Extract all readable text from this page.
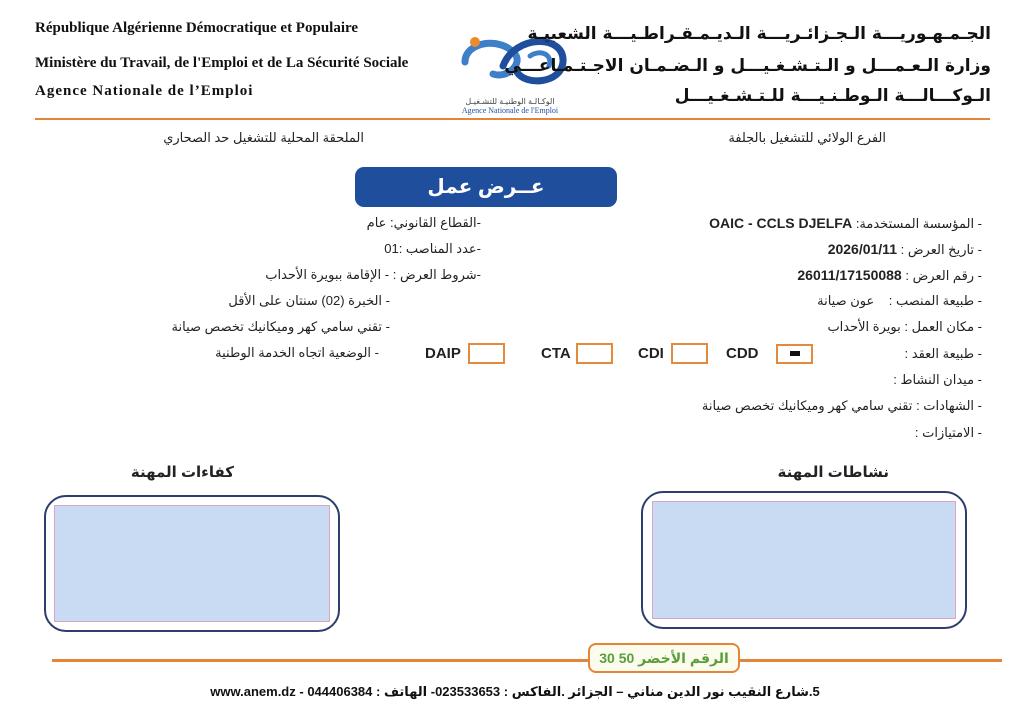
République Algérienne Démocratique et Populaire
Ministère du Travail, de l'Emploi et de La Sécurité Sociale
Agence Nationale de l’Emploi
الوكـالـة الوطنيـة للتشـغيـل
Agence Nationale de l'Emploi
الجـمـهـوريـــة الـجـزائـريـــة الـديـمـقـراطـيـــة الشعبيـة
وزارة الـعـمـــل و الـتـشـغـيـــل و الـضـمـان الاجـتـمـاعـــي
الـوكـــالـــة الـوطـنـيـــة للـتـشـغـيـــل
الفرع الولائي للتشغيل بالجلفة
الملحقة المحلية للتشغيل حد الصحاري
عــرض عمل
- المؤسسة المستخدمة: OAIC - CCLS DJELFA
- تاريخ العرض : 2026/01/11
- رقم العرض : 26011/17150088
- طبيعة المنصب :    عون صيانة
- مكان العمل : بويرة الأحداب
- طبيعة العقد :
- ميدان النشاط :
- الشهادات : تقني سامي كهر وميكانيك تخصص صيانة
- الامتيازات :
CDD
CDI
CTA
DAIP
-القطاع القانوني: عام
-عدد المناصب :01
-شروط العرض : - الإقامة ببويرة الأحداب
- الخبرة (02) سنتان على الأقل
- تقني سامي كهر وميكانيك تخصص صيانة
- الوضعية اتجاه الخدمة الوطنية
نشاطات المهنة
كفاءات المهنة
الرقم الأخضر 50 30
5.شارع النقيب نور الدين مناني – الجزائر .الفاكس : 023533653- الهاتف : 044406384 - www.anem.dz
